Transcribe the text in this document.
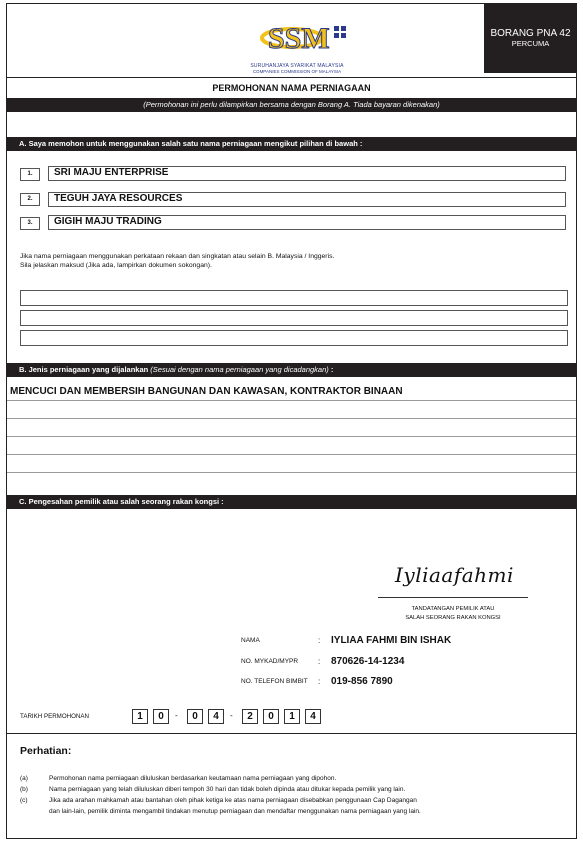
SSM
SURUHANJAYA SYARIKAT MALAYSIA
COMPANIES COMMISSION OF MALAYSIA
BORANG PNA 42
PERCUMA
PERMOHONAN NAMA PERNIAGAAN
(Permohonan ini perlu dilampirkan bersama dengan Borang A. Tiada bayaran dikenakan)
A. Saya memohon untuk menggunakan salah satu nama perniagaan mengikut pilihan di bawah :
1.	SRI MAJU ENTERPRISE
2.	TEGUH JAYA RESOURCES
3.	GIGIH MAJU TRADING
Jika nama perniagaan menggunakan perkataan rekaan dan singkatan atau selain B. Malaysia / Inggeris.
Sila jelaskan maksud (Jika ada, lampirkan dokumen sokongan).
B. Jenis perniagaan yang dijalankan (Sesuai dengan nama perniagaan yang dicadangkan) :
MENCUCI DAN MEMBERSIH BANGUNAN DAN KAWASAN, KONTRAKTOR BINAAN
C. Pengesahan pemilik atau salah seorang rakan kongsi :
Iyliaafahmi
TANDATANGAN PEMILIK ATAU
SALAH SEORANG RAKAN KONGSI
NAMA	: IYLIAA FAHMI BIN ISHAK
NO. MYKAD/MYPR : 870626-14-1234
NO. TELEFON BIMBIT : 019-856 7890
TARIKH PERMOHONAN	1	0	-	0	4	-	2	0	1	4
Perhatian:
(a)	Permohonan nama perniagaan diluluskan berdasarkan keutamaan nama perniagaan yang dipohon.
(b)	Nama perniagaan yang telah diluluskan diberi tempoh 30 hari dan tidak boleh dipinda atau ditukar kepada pemilik yang lain.
(c)	Jika ada arahan mahkamah atau bantahan oleh pihak ketiga ke atas nama perniagaan disebabkan penggunaan Cap Dagangan
dan lain-lain, pemilik diminta mengambil tindakan menutup perniagaan dan mendaftar menggunakan nama perniagaan yang lain.
